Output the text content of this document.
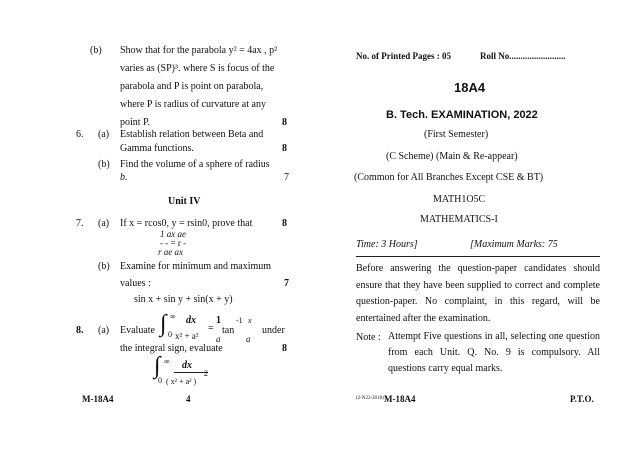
(b) Show that for the parabola y² = 4ax , p²
varies as (SP)³. where S is focus of the
parabola and P is point on parabola,
where P is radius of curvature at any
point P.	8
6. (a) Establish relation between Beta and
Gamma functions.	8
(b) Find the volume of a sphere of radius
b.	7
Unit IV
7. (a) If x = rcos0, y = rsin0, prove that	8
1 ax ae
- - = r -
r ae ax
(b) Examine for minimum and maximum
values :	7
sin x + sin y + sin(x + y)
8. (a) Evaluate ∫ ∞
0
dx
x² + a²
=
1
tan
-1 x
a	a
under
the integral sign, evaluate	8
∫ ∞
0
dx
( x² + a² )
2
M-18A4	4
No. of Printed Pages : 05	Roll No.........................
18A4
B. Tech. EXAMINATION, 2022
(First Semester)
(C Scheme) (Main & Re-appear)
(Common for All Branches Except CSE & BT)
MATH1O5C
MATHEMATICS-I
Time: 3 Hours]	[Maximum Marks: 75
Before answering the question-paper candidates should ensure that they have been supplied to correct and complete question-paper. No complaint, in this regard, will be entertained after the examination.
Note : Attempt Five questions in all, selecting one question from each Unit. Q. No. 9 is compulsory. All questions carry equal marks.
(2-N22-2018) M-18A4	P.T.O.
